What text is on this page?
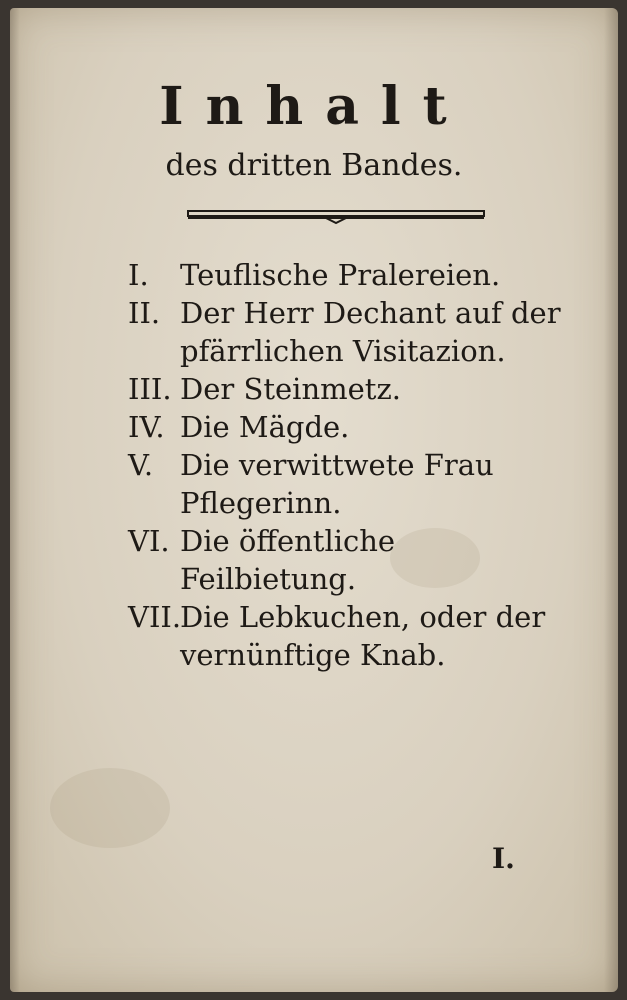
Inhalt
des dritten Bandes.
I.	Teuflische Pralereien.
II. Der Herr Dechant auf der pfärrlichen Visitazion.
III. Der Steinmetz.
IV. Die Mägde.
V. Die verwittwete Frau Pflegerinn.
VI. Die öffentliche Feilbietung.
VII.
Die Lebkuchen, oder der vernünftige Knab.
I.
